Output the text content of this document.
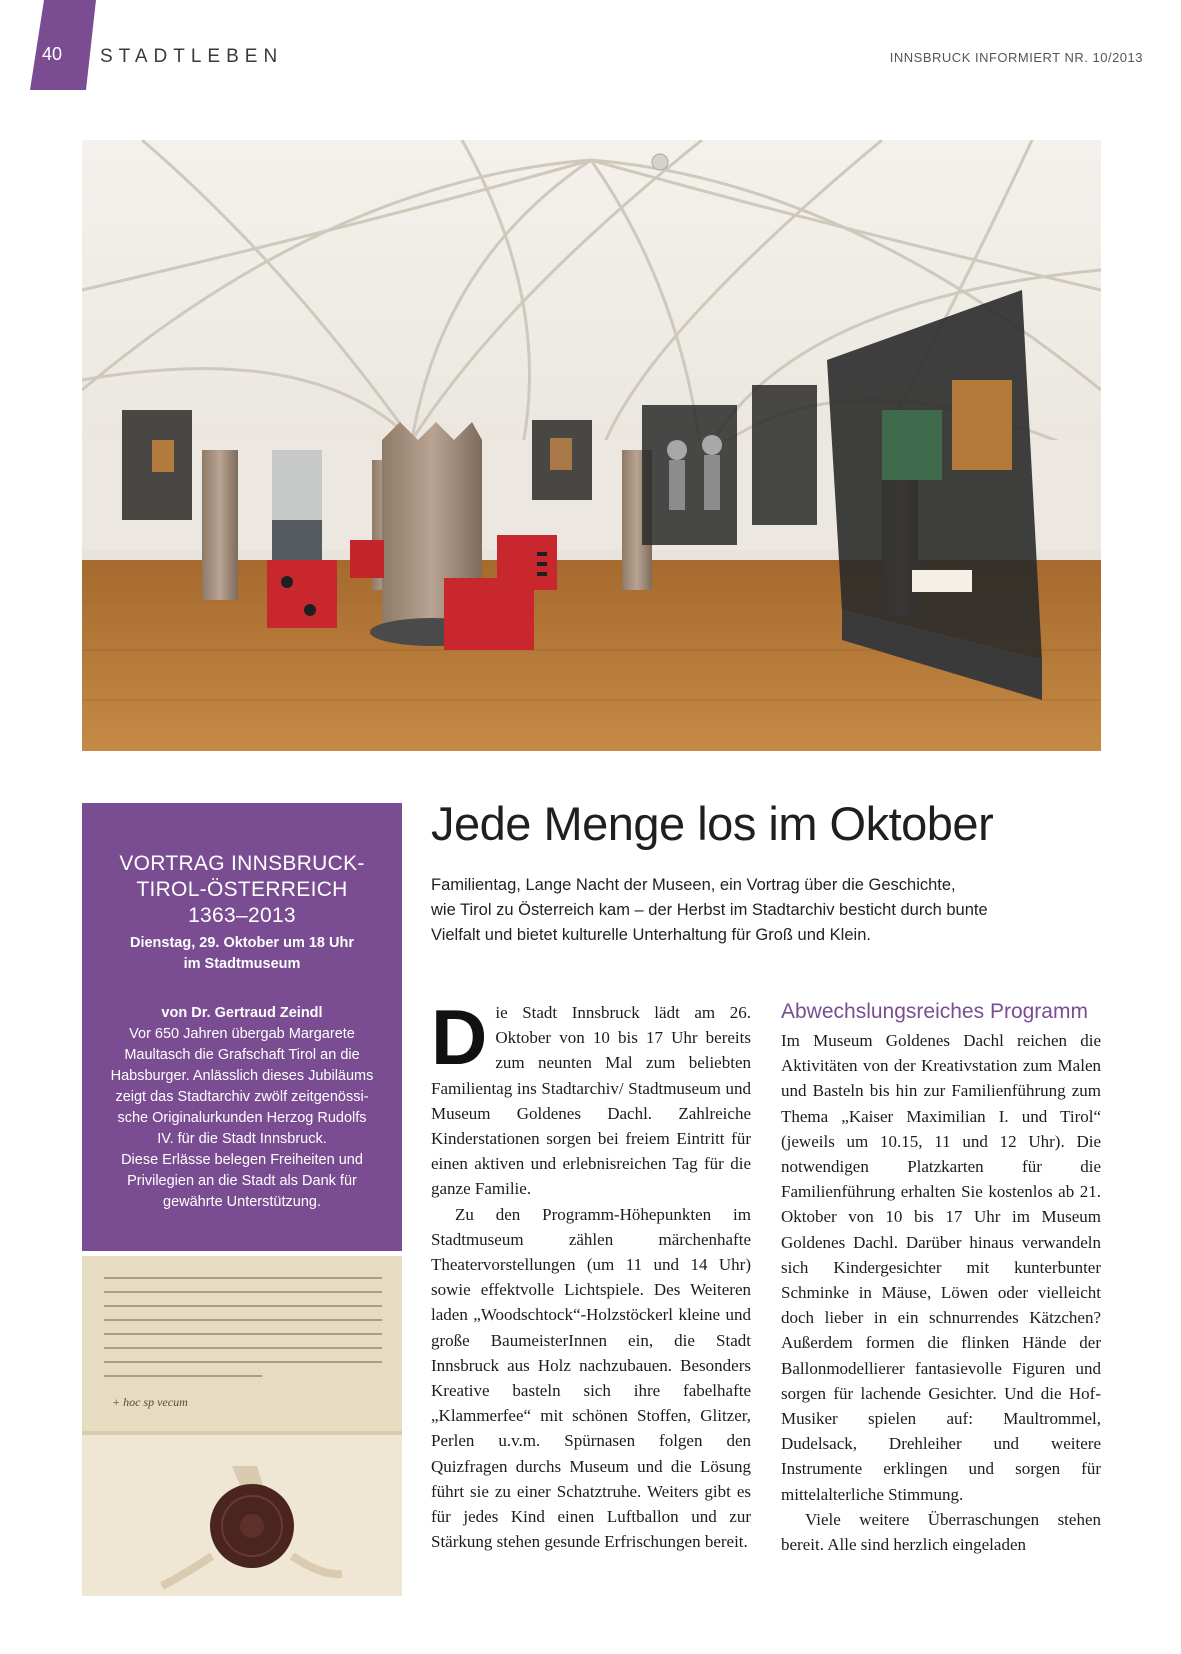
40 STADTLEBEN	INNSBRUCK INFORMIERT NR. 10/2013
VORTRAG INNSBRUCK-
TIROL-ÖSTERREICH
1363–2013
Dienstag, 29. Oktober um 18 Uhr
im Stadtmuseum
von Dr. Gertraud Zeindl
Vor 650 Jahren übergab Margarete
Maultasch die Grafschaft Tirol an die
Habsburger. Anlässlich dieses Jubiläums
zeigt das Stadtarchiv zwölf zeitgenössi-
sche Originalurkunden Herzog Rudolfs
IV. für die Stadt Innsbruck.
Diese Erlässe belegen Freiheiten und
Privilegien an die Stadt als Dank für
gewährte Unterstützung.
+ hoc sp vecum
Jede Menge los im Oktober

Familientag, Lange Nacht der Museen, ein Vortrag über die Geschichte,
wie Tirol zu Österreich kam – der Herbst im Stadtarchiv besticht durch bunte
Vielfalt und bietet kulturelle Unterhaltung für Groß und Klein.

Die Stadt Innsbruck lädt am 26. Oktober von 10 bis 17 Uhr bereits zum neunten Mal zum beliebten Familientag ins Stadtarchiv/ Stadtmuseum und Museum Goldenes Dachl. Zahlreiche Kinderstationen sorgen bei freiem Eintritt für einen aktiven und erlebnisreichen Tag für die ganze Familie.

Zu den Programm-Höhepunkten im Stadtmuseum zählen märchenhafte Theatervorstellungen (um 11 und 14 Uhr) sowie effektvolle Lichtspiele. Des Weiteren laden „Woodschtock“-Holzstöckerl kleine und große BaumeisterInnen ein, die Stadt Innsbruck aus Holz nachzubauen. Besonders Kreative basteln sich ihre fabelhafte „Klammerfee“ mit schönen Stoffen, Glitzer, Perlen u.v.m. Spürnasen folgen den Quizfragen durchs Museum und die Lösung führt sie zu einer Schatztruhe. Weiters gibt es für jedes Kind einen Luftballon und zur Stärkung stehen gesunde Erfrischungen bereit.

Abwechslungsreiches Programm

Im Museum Goldenes Dachl reichen die Aktivitäten von der Kreativstation zum Malen und Basteln bis hin zur Familienführung zum Thema „Kaiser Maximilian I. und Tirol“ (jeweils um 10.15, 11 und 12 Uhr). Die notwendigen Platzkarten für die Familienführung erhalten Sie kostenlos ab 21. Oktober von 10 bis 17 Uhr im Museum Goldenes Dachl. Darüber hinaus verwandeln sich Kindergesichter mit kunterbunter Schminke in Mäuse, Löwen oder vielleicht doch lieber in ein schnurrendes Kätzchen? Außerdem formen die flinken Hände der Ballonmodellierer fantasievolle Figuren und sorgen für lachende Gesichter. Und die Hof-Musiker spielen auf: Maultrommel, Dudelsack, Drehleiher und weitere Instrumente erklingen und sorgen für mittelalterliche Stimmung.

Viele weitere Überraschungen stehen bereit. Alle sind herzlich eingeladen
